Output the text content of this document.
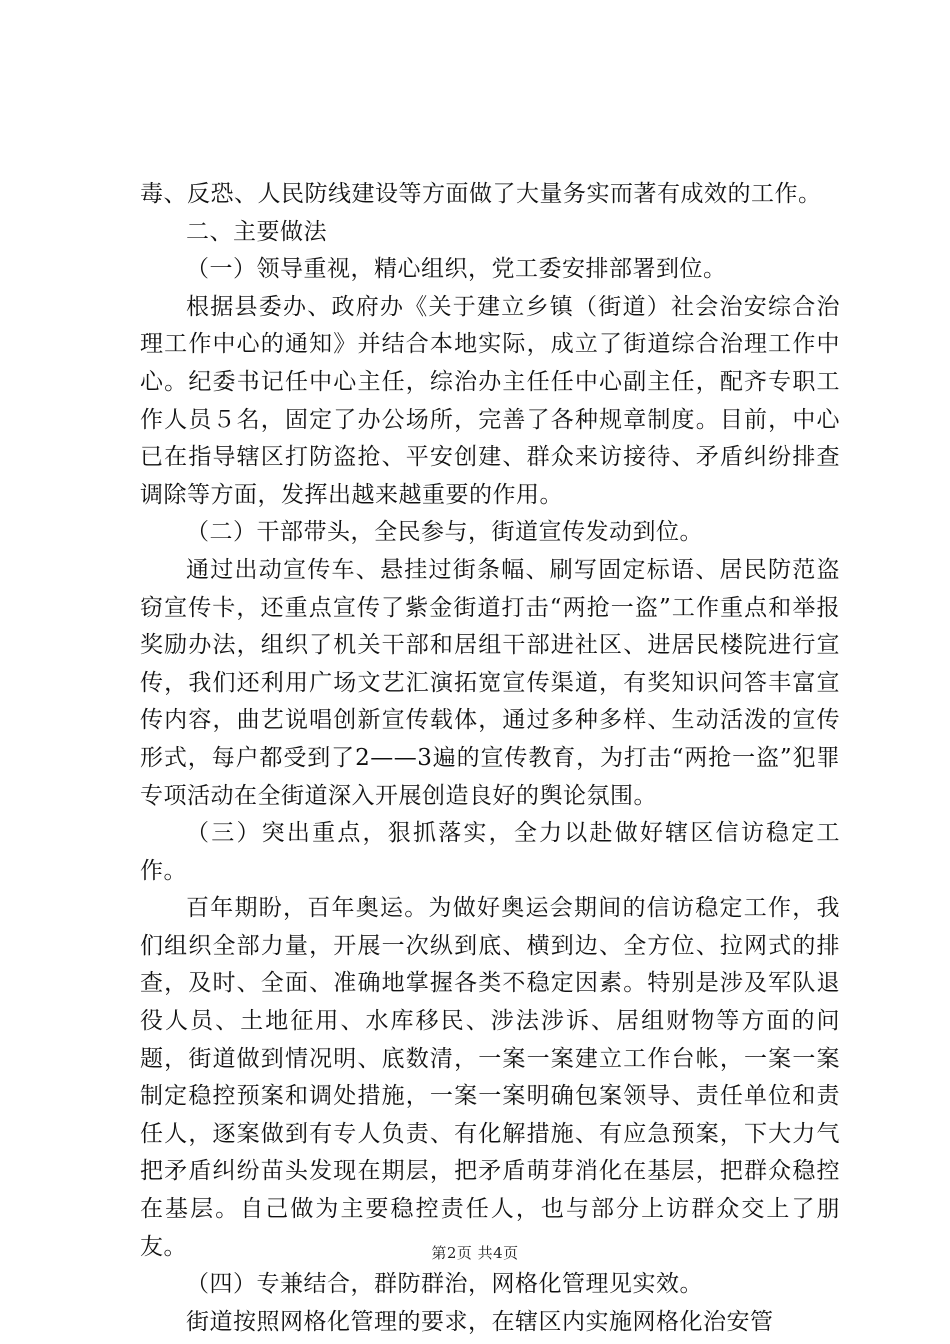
毒、反恐、人民防线建设等方面做了大量务实而著有成效的工作。

二、主要做法

（一）领导重视，精心组织，党工委安排部署到位。

根据县委办、政府办《关于建立乡镇（街道）社会治安综合治理工作中心的通知》并结合本地实际，成立了街道综合治理工作中心。纪委书记任中心主任，综治办主任任中心副主任，配齐专职工作人员５名，固定了办公场所，完善了各种规章制度。目前，中心已在指导辖区打防盗抢、平安创建、群众来访接待、矛盾纠纷排查调除等方面，发挥出越来越重要的作用。

（二）干部带头，全民参与，街道宣传发动到位。

通过出动宣传车、悬挂过街条幅、刷写固定标语、居民防范盗窃宣传卡，还重点宣传了紫金街道打击“两抢一盗”工作重点和举报奖励办法，组织了机关干部和居组干部进社区、进居民楼院进行宣传，我们还利用广场文艺汇演拓宽宣传渠道，有奖知识问答丰富宣传内容，曲艺说唱创新宣传载体，通过多种多样、生动活泼的宣传形式，每户都受到了2——3遍的宣传教育，为打击“两抢一盗”犯罪专项活动在全街道深入开展创造良好的舆论氛围。

（三）突出重点，狠抓落实，全力以赴做好辖区信访稳定工作。

百年期盼，百年奥运。为做好奥运会期间的信访稳定工作，我们组织全部力量，开展一次纵到底、横到边、全方位、拉网式的排查，及时、全面、准确地掌握各类不稳定因素。特别是涉及军队退役人员、土地征用、水库移民、涉法涉诉、居组财物等方面的问题，街道做到情况明、底数清，一案一案建立工作台帐，一案一案制定稳控预案和调处措施，一案一案明确包案领导、责任单位和责任人，逐案做到有专人负责、有化解措施、有应急预案，下大力气把矛盾纠纷苗头发现在期层，把矛盾萌芽消化在基层，把群众稳控在基层。自己做为主要稳控责任人，也与部分上访群众交上了朋友。

（四）专兼结合，群防群治，网格化管理见实效。

街道按照网格化管理的要求，在辖区内实施网格化治安管

第2页 共4页
